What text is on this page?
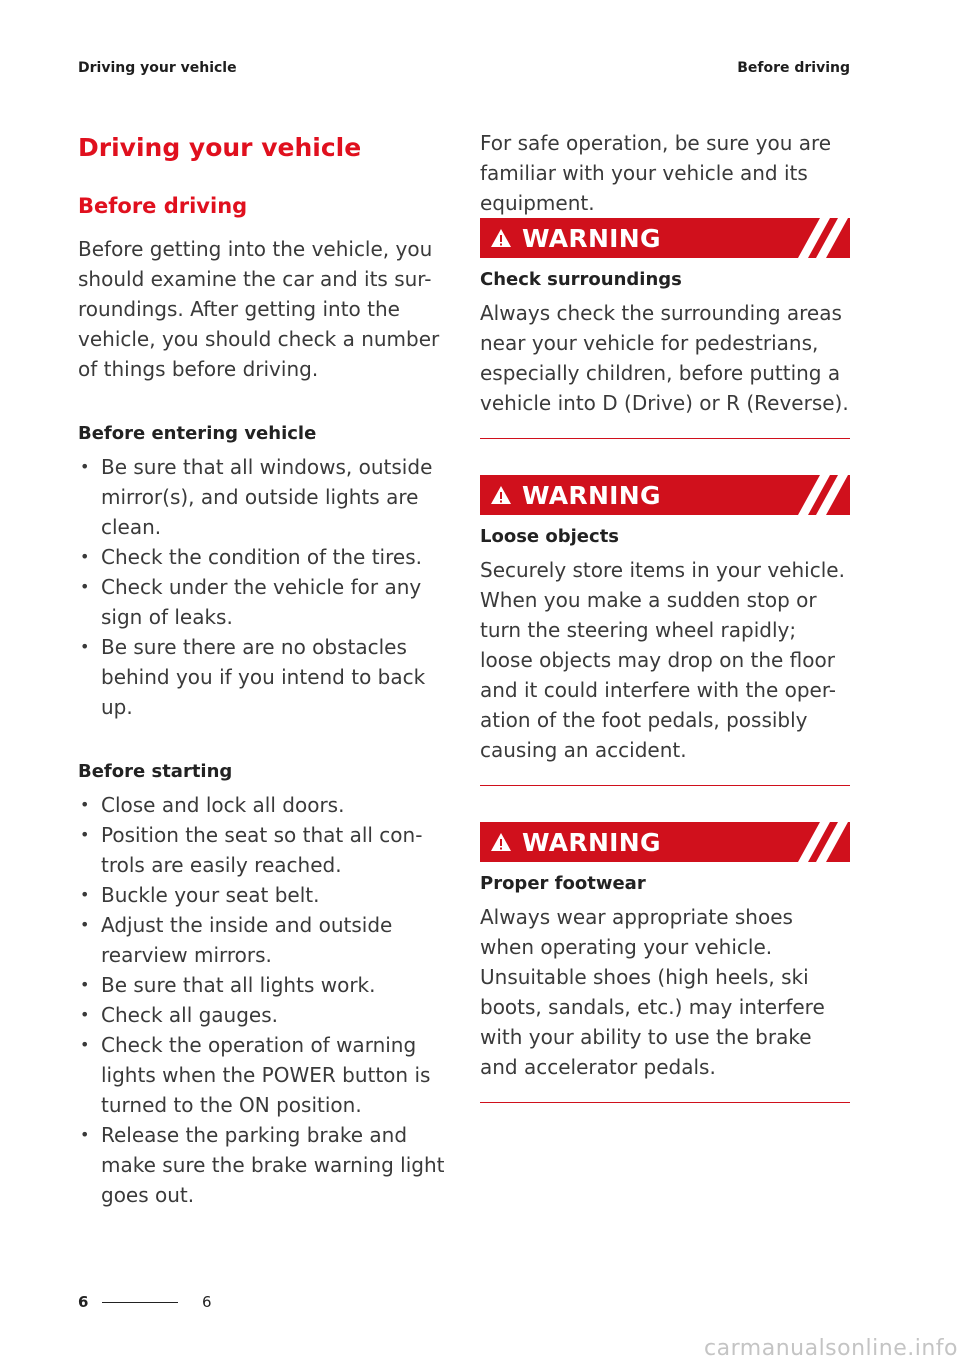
Driving your vehicle	Before driving
Driving your vehicle
Before driving

Before getting into the vehicle, you should examine the car and its sur-roundings. After getting into the vehicle, you should check a number of things before driving.

Before entering vehicle
• Be sure that all windows, outside mirror(s), and outside lights are clean.
• Check the condition of the tires.
• Check under the vehicle for any sign of leaks.
• Be sure there are no obstacles behind you if you intend to back up.
Before starting
• Close and lock all doors.
• Position the seat so that all con-trols are easily reached.
• Buckle your seat belt.
• Adjust the inside and outside rearview mirrors.
• Be sure that all lights work.
• Check all gauges.
• Check the operation of warning lights when the POWER button is turned to the ON position.
• Release the parking brake and make sure the brake warning light goes out.

For safe operation, be sure you are familiar with your vehicle and its equipment.

WARNING
Check surroundings

Always check the surrounding areas near your vehicle for pedestrians, especially children, before putting a vehicle into D (Drive) or R (Reverse).

WARNING
Loose objects

Securely store items in your vehicle. When you make a sudden stop or turn the steering wheel rapidly; loose objects may drop on the floor and it could interfere with the oper-ation of the foot pedals, possibly causing an accident.

WARNING
Proper footwear

Always wear appropriate shoes when operating your vehicle. Unsuitable shoes (high heels, ski boots, sandals, etc.) may interfere with your ability to use the brake and accelerator pedals.

6	6
carmanualsonline.info
